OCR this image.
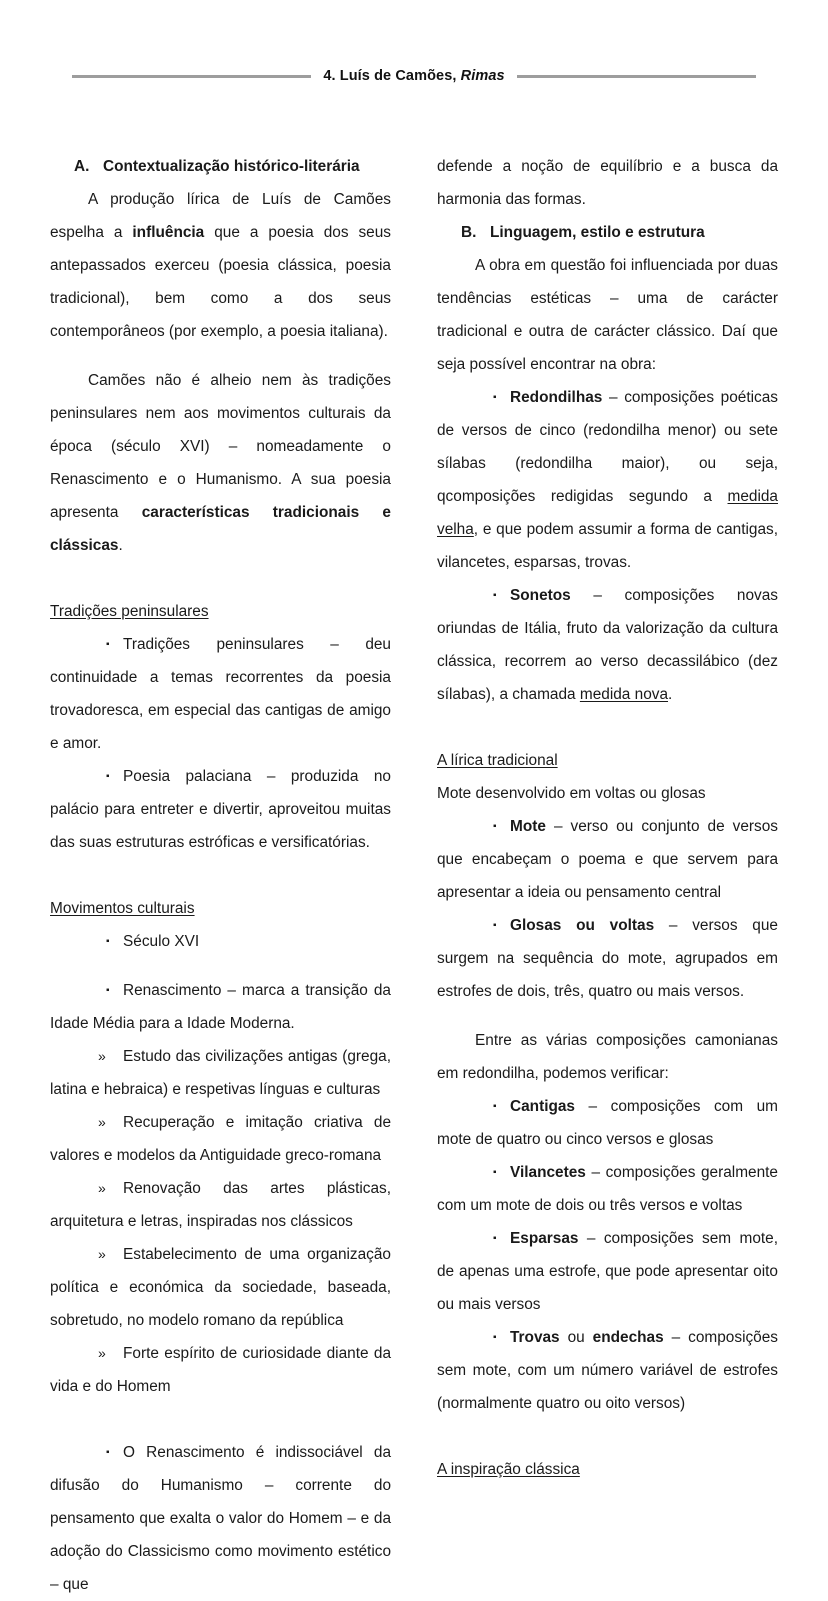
4. Luís de Camões, Rimas
A. Contextualização histórico-literária

A produção lírica de Luís de Camões espelha a influência que a poesia dos seus antepassados exerceu (poesia clássica, poesia tradicional), bem como a dos seus contemporâneos (por exemplo, a poesia italiana).

Camões não é alheio nem às tradições peninsulares nem aos movimentos culturais da época (século XVI) – nomeadamente o Renascimento e o Humanismo. A sua poesia apresenta características tradicionais e clássicas.

Tradições peninsulares

▪ Tradições peninsulares – deu continuidade a temas recorrentes da poesia trovadoresca, em especial das cantigas de amigo e amor.

▪ Poesia palaciana – produzida no palácio para entreter e divertir, aproveitou muitas das suas estruturas estróficas e versificatórias.

Movimentos culturais

▪ Século XVI

▪ Renascimento – marca a transição da Idade Média para a Idade Moderna.

» Estudo das civilizações antigas (grega, latina e hebraica) e respetivas línguas e culturas

» Recuperação e imitação criativa de valores e modelos da Antiguidade greco-romana

» Renovação das artes plásticas, arquitetura e letras, inspiradas nos clássicos

» Estabelecimento de uma organização política e económica da sociedade, baseada, sobretudo, no modelo romano da república

» Forte espírito de curiosidade diante da vida e do Homem

▪ O Renascimento é indissociável da difusão do Humanismo – corrente do pensamento que exalta o valor do Homem – e da adoção do Classicismo como movimento estético – que

defende a noção de equilíbrio e a busca da harmonia das formas.

B. Linguagem, estilo e estrutura

A obra em questão foi influenciada por duas tendências estéticas – uma de carácter tradicional e outra de carácter clássico. Daí que seja possível encontrar na obra:

▪ Redondilhas – composições poéticas de versos de cinco (redondilha menor) ou sete sílabas (redondilha maior), ou seja, qcomposições redigidas segundo a medida velha, e que podem assumir a forma de cantigas, vilancetes, esparsas, trovas.

▪ Sonetos – composições novas oriundas de Itália, fruto da valorização da cultura clássica, recorrem ao verso decassilábico (dez sílabas), a chamada medida nova.

A lírica tradicional

Mote desenvolvido em voltas ou glosas

▪ Mote – verso ou conjunto de versos que encabeçam o poema e que servem para apresentar a ideia ou pensamento central

▪ Glosas ou voltas – versos que surgem na sequência do mote, agrupados em estrofes de dois, três, quatro ou mais versos.

Entre as várias composições camonianas em redondilha, podemos verificar:

▪ Cantigas – composições com um mote de quatro ou cinco versos e glosas

▪ Vilancetes – composições geralmente com um mote de dois ou três versos e voltas

▪ Esparsas – composições sem mote, de apenas uma estrofe, que pode apresentar oito ou mais versos

▪ Trovas ou endechas – composições sem mote, com um número variável de estrofes (normalmente quatro ou oito versos)

A inspiração clássica
